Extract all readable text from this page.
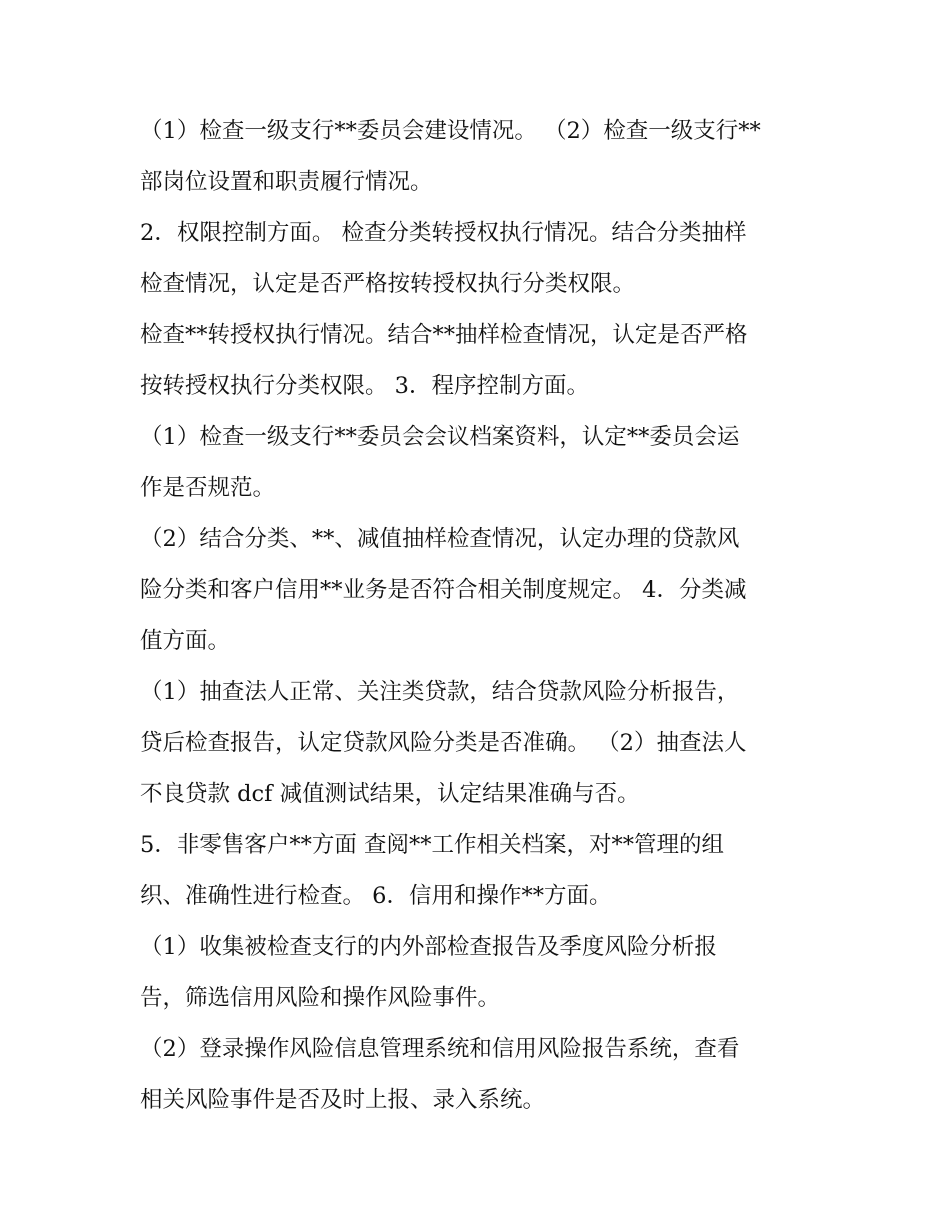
（1）检查一级支行**委员会建设情况。 （2）检查一级支行**
部岗位设置和职责履行情况。
2．权限控制方面。 检查分类转授权执行情况。结合分类抽样
检查情况，认定是否严格按转授权执行分类权限。
检查**转授权执行情况。结合**抽样检查情况，认定是否严格
按转授权执行分类权限。 3．程序控制方面。
（1）检查一级支行**委员会会议档案资料，认定**委员会运
作是否规范。
（2）结合分类、**、减值抽样检查情况，认定办理的贷款风
险分类和客户信用**业务是否符合相关制度规定。 4．分类减
值方面。
（1）抽查法人正常、关注类贷款，结合贷款风险分析报告，
贷后检查报告，认定贷款风险分类是否准确。 （2）抽查法人
不良贷款 dcf 减值测试结果，认定结果准确与否。
5．非零售客户**方面 查阅**工作相关档案，对**管理的组
织、准确性进行检查。 6．信用和操作**方面。
（1）收集被检查支行的内外部检查报告及季度风险分析报
告，筛选信用风险和操作风险事件。
（2）登录操作风险信息管理系统和信用风险报告系统，查看
相关风险事件是否及时上报、录入系统。
